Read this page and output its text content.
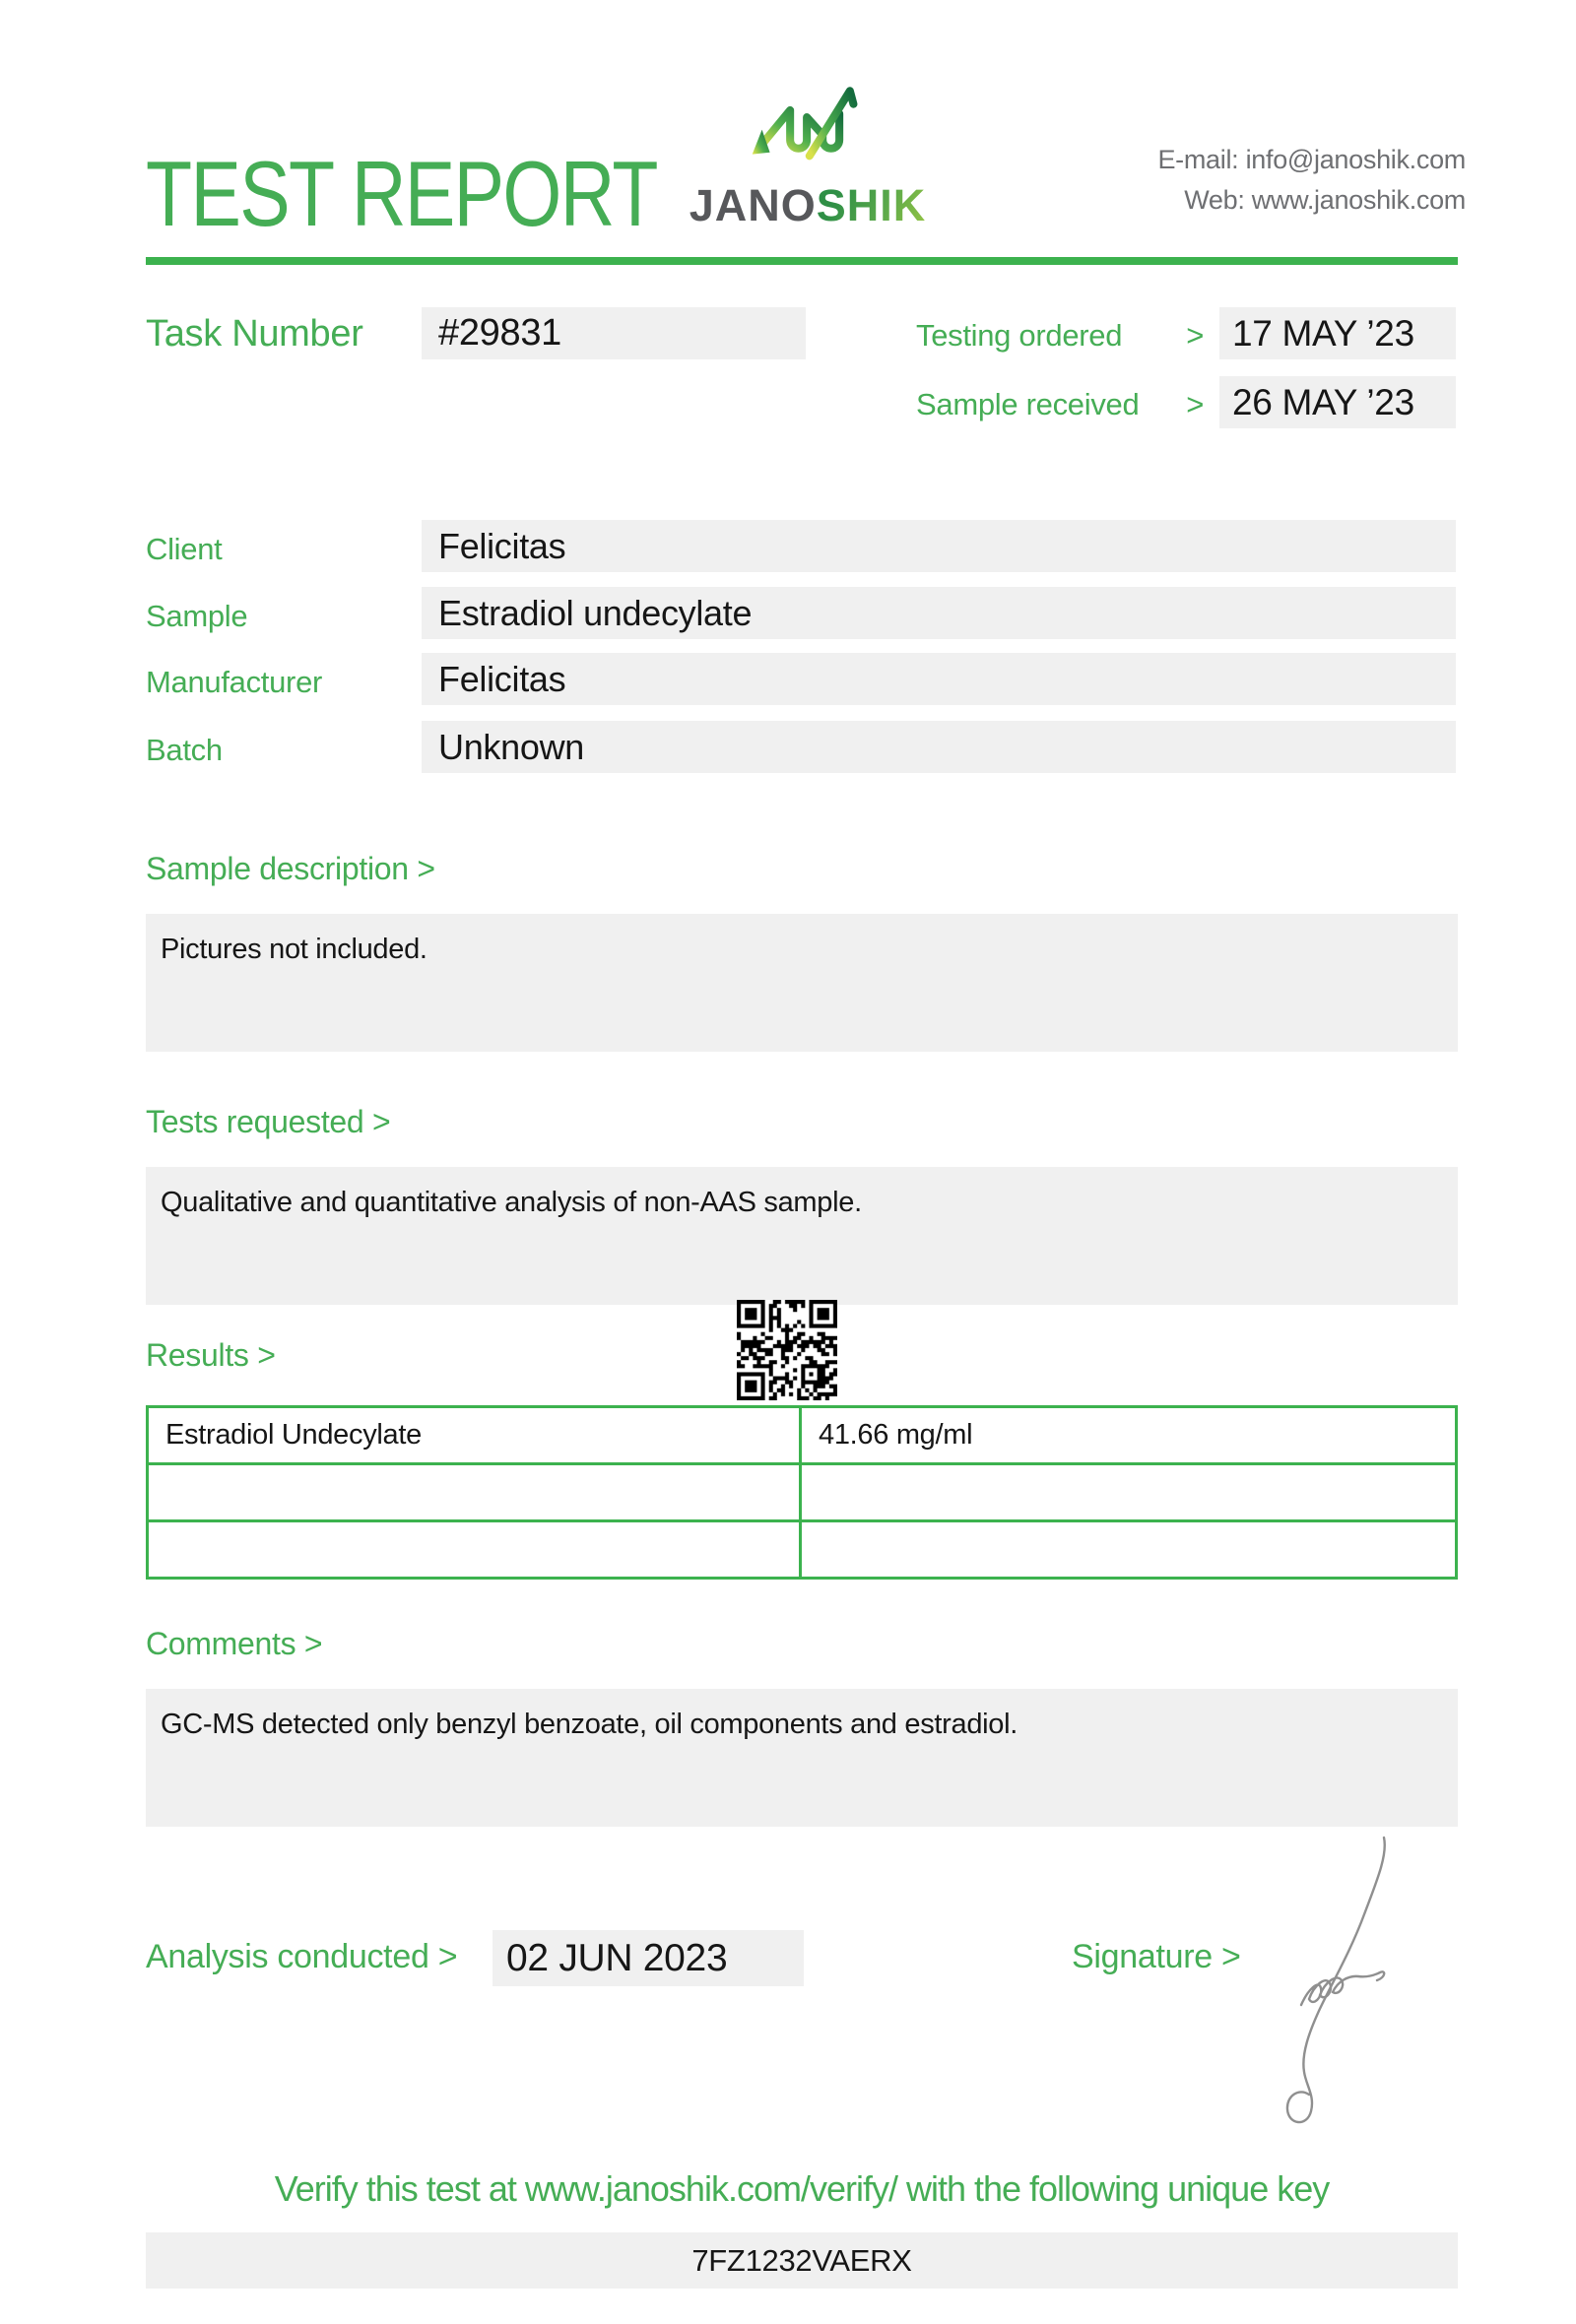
TEST REPORT JANOSHIK
E-mail: info@janoshik.com
Web: www.janoshik.com
Task Number	#29831	Testing ordered > 17 MAY ’23
Sample received > 26 MAY ’23
Client	Felicitas
Sample	Estradiol undecylate
Manufacturer	Felicitas
Batch	Unknown
Sample description >
Pictures not included.
Tests requested >
Qualitative and quantitative analysis of non-AAS sample.
Results >
Estradiol Undecylate	41.66 mg/ml

Comments >
GC-MS detected only benzyl benzoate, oil components and estradiol.
Analysis conducted >	02 JUN 2023	Signature >
Verify this test at www.janoshik.com/verify/ with the following unique key
7FZ1232VAERX
